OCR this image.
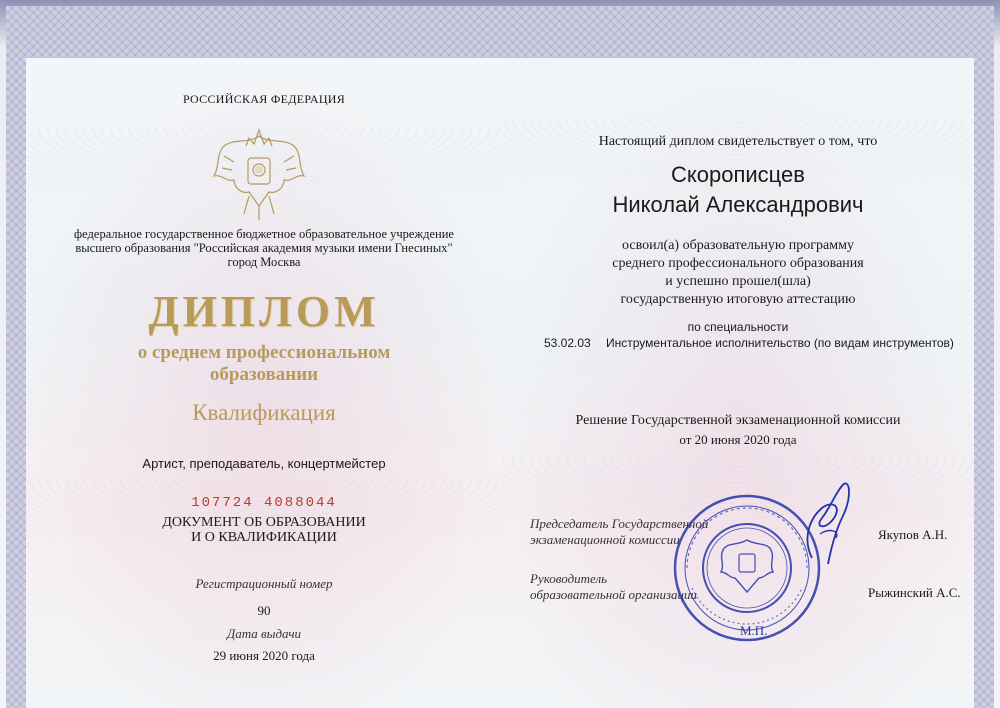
РОССИЙСКАЯ ФЕДЕРАЦИЯ
федеральное государственное бюджетное образовательное учреждение
высшего образования "Российская академия музыки имени Гнесиных"
город Москва
ДИПЛОМ
о среднем профессиональном
образовании
Квалификация
Артист, преподаватель, концертмейстер
107724 4088044
ДОКУМЕНТ ОБ ОБРАЗОВАНИИ
И О КВАЛИФИКАЦИИ
Регистрационный номер
90
Дата выдачи
29 июня 2020 года
Настоящий диплом свидетельствует о том, что
Скорописцев
Николай Александрович
освоил(а) образовательную программу
среднего профессионального образования
и успешно прошел(шла)
государственную итоговую аттестацию
по специальности
53.02.03 Инструментальное исполнительство (по видам инструментов)
Решение Государственной экзаменационной комиссии
от 20 июня 2020 года
Председатель Государственной
экзаменационной комиссии	Якупов А.Н.
Руководитель
образовательной организации	Рыжинский А.С.
М.П.
